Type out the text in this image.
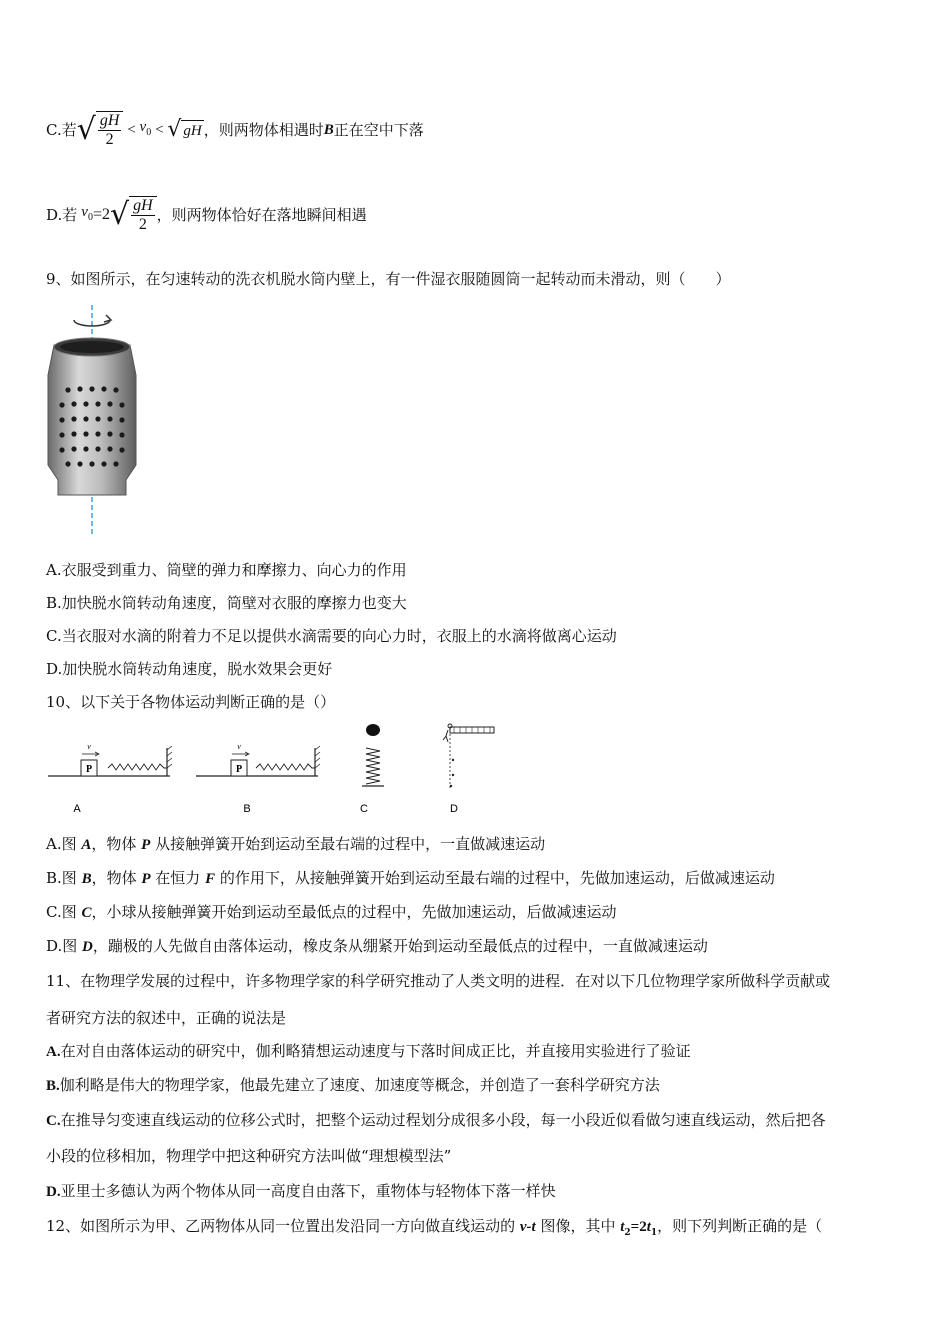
C.若 √ $\frac{gH}{2} < v_0$ < √ gH ，则两物体相遇时 B 正在空中下落
D.若 $v_0 =2$ √ $\frac{gH}{2}$ ，则两物体恰好在落地瞬间相遇
9、如图所示，在匀速转动的洗衣机脱水筒内壁上，有一件湿衣服随圆筒一起转动而未滑动，则（　　）
A.衣服受到重力、筒壁的弹力和摩擦力、向心力的作用
B.加快脱水筒转动角速度，筒壁对衣服的摩擦力也变大
C.当衣服对水滴的附着力不足以提供水滴需要的向心力时，衣服上的水滴将做离心运动
D.加快脱水筒转动角速度，脱水效果会更好
10、以下关于各物体运动判断正确的是（）
P
v
A
P
v
B	C	D
A.图 A，物体 P 从接触弹簧开始到运动至最右端的过程中，一直做减速运动
B.图 B，物体 P 在恒力 F 的作用下，从接触弹簧开始到运动至最右端的过程中，先做加速运动，后做减速运动
C.图 C，小球从接触弹簧开始到运动至最低点的过程中，先做加速运动，后做减速运动
D.图 D，蹦极的人先做自由落体运动，橡皮条从绷紧开始到运动至最低点的过程中，一直做减速运动
11、在物理学发展的过程中，许多物理学家的科学研究推动了人类文明的进程．在对以下几位物理学家所做科学贡献或
者研究方法的叙述中，正确的说法是
A.在对自由落体运动的研究中，伽利略猜想运动速度与下落时间成正比，并直接用实验进行了验证
B.伽利略是伟大的物理学家，他最先建立了速度、加速度等概念，并创造了一套科学研究方法
C.在推导匀变速直线运动的位移公式时，把整个运动过程划分成很多小段，每一小段近似看做匀速直线运动，然后把各
小段的位移相加，物理学中把这种研究方法叫做“理想模型法”
D.亚里士多德认为两个物体从同一高度自由落下，重物体与轻物体下落一样快
12、如图所示为甲、乙两物体从同一位置出发沿同一方向做直线运动的 v-t 图像，其中 $t_2=2t_1$，则下列判断正确的是（
